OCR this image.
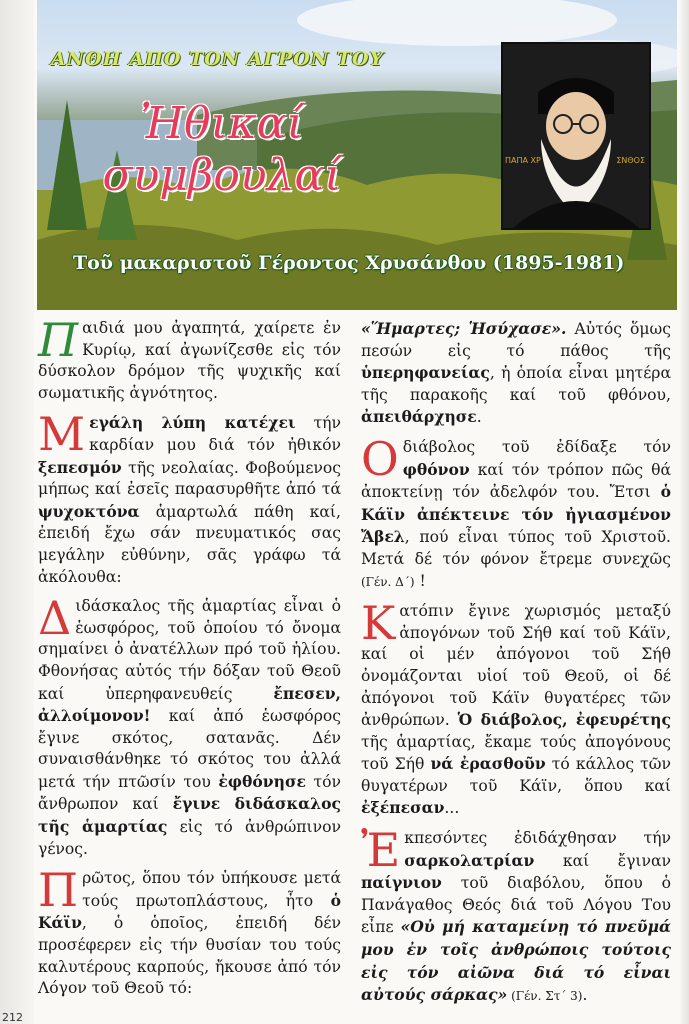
ΑΝΘΗ ΑΠΟ ΤΟΝ ΑΓΡΟΝ ΤΟΥ
Ἠθικαί
συμβουλαί	ΠΑΠΑ ΧΡ	ΣΝΘΟΣ
Τοῦ μακαριστοῦ Γέροντος Χρυσάνθου (1895-1981)

Παιδιά μου ἀγαπητά, χαίρετε ἐν Κυρίῳ, καί ἀγωνίζεσθε εἰς τόν δύσκολον δρόμον τῆς ψυχικῆς καί σωματικῆς ἁγνότητος.

Μεγάλη λύπη κατέχει τήν καρδίαν μου διά τόν ἠθικόν ξεπεσμόν τῆς νεολαίας. Φοβούμενος μήπως καί ἐσεῖς παρασυρθῆτε ἀπό τά ψυχοκτόνα ἁμαρτωλά πάθη καί, ἐπειδή ἔχω σάν πνευματικός σας μεγάλην εὐθύνην, σᾶς γράφω τά ἀκόλουθα:

Διδάσκαλος τῆς ἁμαρτίας εἶναι ὁ ἑωσφόρος, τοῦ ὁποίου τό ὄνομα σημαίνει ὁ ἀνατέλλων πρό τοῦ ἡλίου. Φθονήσας αὐτός τήν δόξαν τοῦ Θεοῦ καί ὑπερηφανευθείς ἔπεσεν, ἀλλοίμονον! καί ἀπό ἑωσφόρος ἔγινε σκότος, σατανᾶς. Δέν συναισθάνθηκε τό σκότος του ἀλλά μετά τήν πτῶσίν του ἐφθόνησε τόν ἄνθρωπον καί ἔγινε διδάσκαλος τῆς ἁμαρτίας εἰς τό ἀνθρώπινον γένος.

Πρῶτος, ὅπου τόν ὑπήκουσε μετά τούς πρωτοπλάστους, ἦτο ὁ Κάϊν, ὁ ὁποῖος, ἐπειδή δέν προσέφερεν εἰς τήν θυσίαν του τούς καλυτέρους καρπούς, ἤκουσε ἀπό τόν Λόγον τοῦ Θεοῦ τό:

«Ἥμαρτες; Ἡσύχασε». Αὐτός ὅμως πεσών εἰς τό πάθος τῆς ὑπερηφανείας, ἡ ὁποία εἶναι μητέρα τῆς παρακοῆς καί τοῦ φθόνου, ἀπειθάρχησε.

Ο διάβολος τοῦ ἐδίδαξε τόν φθόνον καί τόν τρόπον πῶς θά ἀποκτείνῃ τόν ἀδελφόν του. Ἔτσι ὁ Κάϊν ἀπέκτεινε τόν ἠγιασμένον Ἄβελ, πού εἶναι τύπος τοῦ Χριστοῦ. Μετά δέ τόν φόνον ἔτρεμε συνεχῶς (Γέν. Δ΄) !

Κατόπιν ἔγινε χωρισμός μεταξύ ἀπογόνων τοῦ Σήθ καί τοῦ Κάϊν, καί οἱ μέν ἀπόγονοι τοῦ Σήθ ὀνομάζονται υἱοί τοῦ Θεοῦ, οἱ δέ ἀπόγονοι τοῦ Κάϊν θυγατέρες τῶν ἀνθρώπων. Ὁ διάβολος, ἐφευρέτης τῆς ἁμαρτίας, ἔκαμε τούς ἀπογόνους τοῦ Σήθ νά ἐρασθοῦν τό κάλλος τῶν θυγατέρων τοῦ Κάϊν, ὅπου καί ἐξέπεσαν...

Ἐκπεσόντες ἐδιδάχθησαν τήν σαρκολατρίαν καί ἔγιναν παίγνιον τοῦ διαβόλου, ὅπου ὁ Πανάγαθος Θεός διά τοῦ Λόγου Του εἶπε «Οὐ μή καταμείνῃ τό πνεῦμά μου ἐν τοῖς ἀνθρώποις τούτοις εἰς τόν αἰῶνα διά τό εἶναι αὐτούς σάρκας» (Γέν. Στ΄ 3).

212
